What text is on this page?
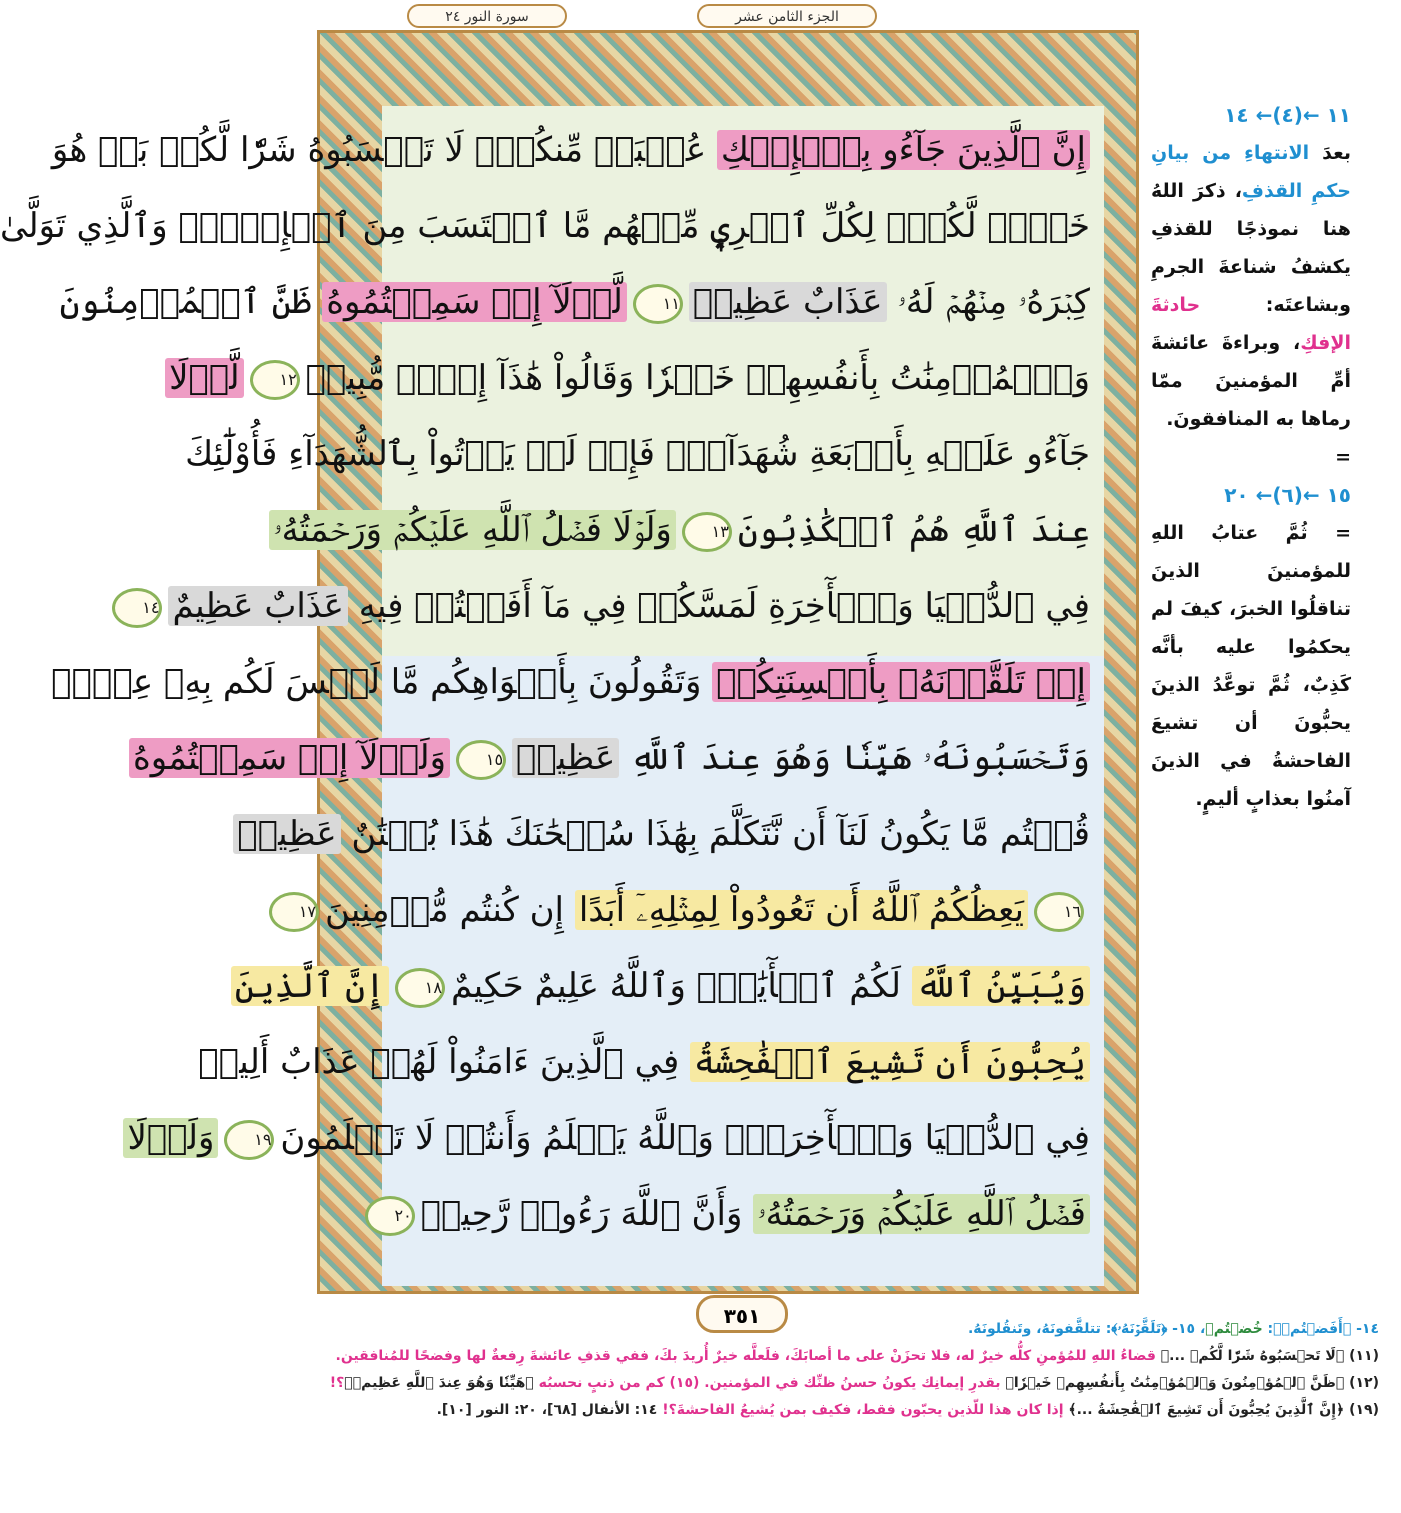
الجزء الثامن عشر
سورة النور ٢٤
إِنَّ ٱلَّذِينَ جَآءُو بِٱلۡإِفۡكِ عُصۡبَةٞ مِّنكُمۡۚ لَا تَحۡسَبُوهُ شَرّٗا لَّكُمۖ بَلۡ هُوَ
خَيۡرٞ لَّكُمۡۚ لِكُلِّ ٱمۡرِيٕٖ مِّنۡهُم مَّا ٱكۡتَسَبَ مِنَ ٱلۡإِثۡمِۚ وَٱلَّذِي تَوَلَّىٰ
كِبۡرَهُۥ مِنۡهُمۡ لَهُۥ عَذَابٌ عَظِيمٞ١١لَّوۡلَآ إِذۡ سَمِعۡتُمُوهُ ظَنَّ ٱلۡمُؤۡمِنُونَ
وَٱلۡمُؤۡمِنَٰتُ بِأَنفُسِهِمۡ خَيۡرٗا وَقَالُواْ هَٰذَآ إِفۡكٞ مُّبِينٞ١٢لَّوۡلَا
جَآءُو عَلَيۡهِ بِأَرۡبَعَةِ شُهَدَآءَۚ فَإِذۡ لَمۡ يَأۡتُواْ بِٱلشُّهَدَآءِ فَأُوْلَٰٓئِكَ
عِندَ ٱللَّهِ هُمُ ٱلۡكَٰذِبُونَ١٣وَلَوۡلَا فَضۡلُ ٱللَّهِ عَلَيۡكُمۡ وَرَحۡمَتُهُۥ
فِي ٱلدُّنۡيَا وَٱلۡأٓخِرَةِ لَمَسَّكُمۡ فِي مَآ أَفَضۡتُمۡ فِيهِ عَذَابٌ عَظِيمٌ١٤
إِذۡ تَلَقَّوۡنَهُۥ بِأَلۡسِنَتِكُمۡ وَتَقُولُونَ بِأَفۡوَاهِكُم مَّا لَيۡسَ لَكُم بِهِۦ عِلۡمٞ
وَتَحۡسَبُونَهُۥ هَيِّنٗا وَهُوَ عِندَ ٱللَّهِ عَظِيمٞ١٥وَلَوۡلَآ إِذۡ سَمِعۡتُمُوهُ
قُلۡتُم مَّا يَكُونُ لَنَآ أَن نَّتَكَلَّمَ بِهَٰذَا سُبۡحَٰنَكَ هَٰذَا بُهۡتَٰنٌ عَظِيمٞ
١٦يَعِظُكُمُ ٱللَّهُ أَن تَعُودُواْ لِمِثۡلِهِۦٓ أَبَدًا إِن كُنتُم مُّؤۡمِنِينَ١٧
وَيُبَيِّنُ ٱللَّهُ لَكُمُ ٱلۡأٓيَٰتِۚ وَٱللَّهُ عَلِيمٌ حَكِيمٌ١٨إِنَّ ٱلَّذِينَ
يُحِبُّونَ أَن تَشِيعَ ٱلۡفَٰحِشَةُ فِي ٱلَّذِينَ ءَامَنُواْ لَهُمۡ عَذَابٌ أَلِيمٞ
فِي ٱلدُّنۡيَا وَٱلۡأٓخِرَةِۚ وَٱللَّهُ يَعۡلَمُ وَأَنتُمۡ لَا تَعۡلَمُونَ١٩وَلَوۡلَا
فَضۡلُ ٱللَّهِ عَلَيۡكُمۡ وَرَحۡمَتُهُۥ وَأَنَّ ٱللَّهَ رَءُوفٞ رَّحِيمٞ٢٠
٣٥١
١١ ←(٤)← ١٤

بعدَ الانتهاءِ من بيانِ حكمِ القذفِ، ذكرَ اللهُ هنا نموذجًا للقذفِ يكشفُ شناعةَ الجرمِ وبشاعتَه: حادثةَ الإفكِ، وبراءةَ عائشةَ أمِّ المؤمنينَ ممّا رماها به المنافقونَ.

=
١٥ ←(٦)← ٢٠

= ثُمَّ عتابُ اللهِ للمؤمنينَ الذينَ تناقلُوا الخبرَ، كيفَ لم يحكمُوا عليه بأنَّه كَذِبٌ، ثُمَّ توعَّدُ الذينَ يحبُّونَ أن تشيعَ الفاحشةُ في الذينَ آمنُوا بعذابٍ أليمٍ.

١٤- ﴿أَفَضۡتُمۡ﴾: خُضۡتُمۡ، ١٥- ﴿تَلَقَّوۡنَهُۥ﴾: تتلقَّفونَهُ، وتَنقُلونَهُ.

(١١) ﴿لَا تَحۡسَبُوهُ شَرّٗا لَّكُمۖ ...﴾ قضاءُ اللهِ للمُؤمنِ كلُّه خيرٌ له، فلا تحزَنْ على ما أصابَكَ، فلَعلَّه خيرٌ أُريدَ بكَ، ففي قذفِ عائشةَ رِفعةٌ لها وفضحًا للمُنافقين.

(١٢) ﴿ظَنَّ ٱلۡمُؤۡمِنُونَ وَٱلۡمُؤۡمِنَٰتُ بِأَنفُسِهِمۡ خَيۡرٗا﴾ بقدرِ إيمانِك يكونُ حسنُ ظنِّك في المؤمنين. (١٥) كم من ذنبٍ نحسبُه ﴿هَيِّنٗا وَهُوَ عِندَ ٱللَّهِ عَظِيمٞ﴾؟!

(١٩) ﴿إِنَّ ٱلَّذِينَ يُحِبُّونَ أَن تَشِيعَ ٱلۡفَٰحِشَةُ ...﴾ إذا كان هذا للّذين يحبّون فقط، فكيف بمن يُشيعُ الفاحشةَ؟! ١٤: الأنفال [٦٨]، ٢٠: النور [١٠].
